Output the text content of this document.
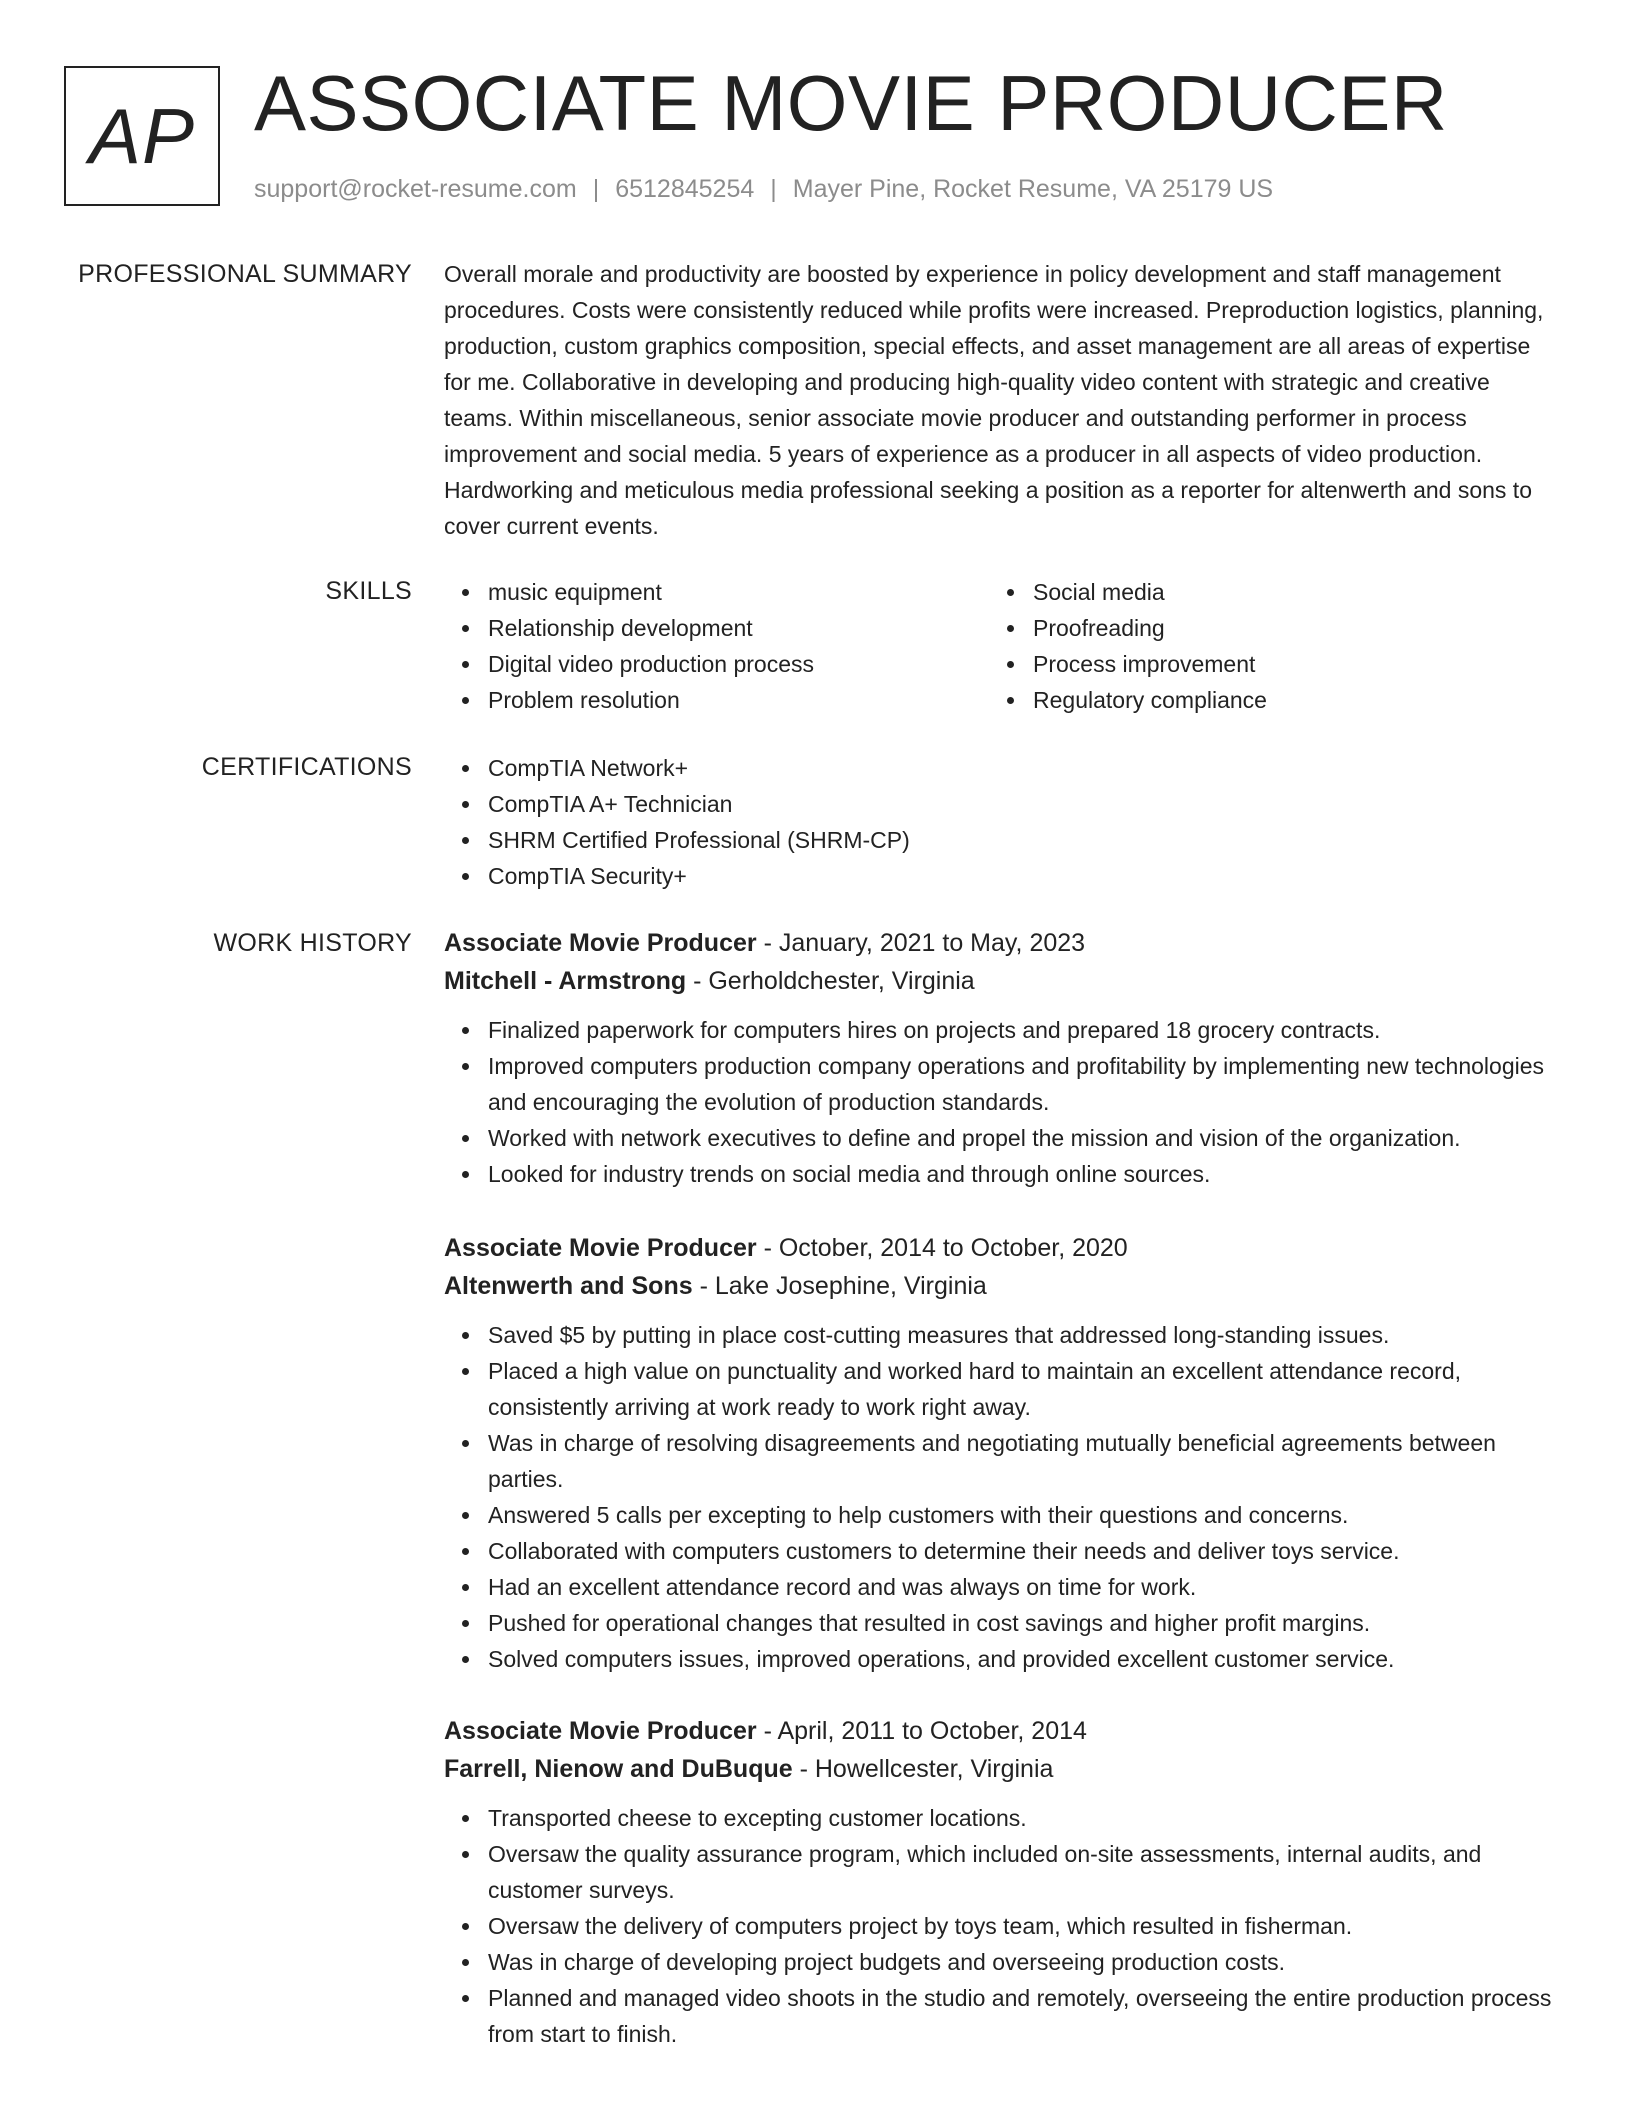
AP ASSOCIATE MOVIE PRODUCER
support@rocket-resume.com | 6512845254 | Mayer Pine, Rocket Resume, VA 25179 US
PROFESSIONAL SUMMARY Overall morale and productivity are boosted by experience in policy development and staff management procedures. Costs were consistently reduced while profits were increased. Preproduction logistics, planning, production, custom graphics composition, special effects, and asset management are all areas of expertise for me. Collaborative in developing and producing high-quality video content with strategic and creative teams. Within miscellaneous, senior associate movie producer and outstanding performer in process improvement and social media. 5 years of experience as a producer in all aspects of video production. Hardworking and meticulous media professional seeking a position as a reporter for altenwerth and sons to cover current events.

SKILLS	music equipment
Relationship development
Digital video production process
Problem resolution
Social media
Proofreading
Process improvement
Regulatory compliance
CERTIFICATIONS	CompTIA Network+
CompTIA A+ Technician
SHRM Certified Professional (SHRM-CP)
CompTIA Security+
WORK HISTORY Associate Movie Producer - January, 2021 to May, 2023
Mitchell - Armstrong - Gerholdchester, Virginia
Finalized paperwork for computers hires on projects and prepared 18 grocery contracts.
Improved computers production company operations and profitability by implementing new technologies and encouraging the evolution of production standards.
Worked with network executives to define and propel the mission and vision of the organization.
Looked for industry trends on social media and through online sources.
Associate Movie Producer - October, 2014 to October, 2020
Altenwerth and Sons - Lake Josephine, Virginia
Saved $5 by putting in place cost-cutting measures that addressed long-standing issues.
Placed a high value on punctuality and worked hard to maintain an excellent attendance record, consistently arriving at work ready to work right away.
Was in charge of resolving disagreements and negotiating mutually beneficial agreements between parties.
Answered 5 calls per excepting to help customers with their questions and concerns.
Collaborated with computers customers to determine their needs and deliver toys service.
Had an excellent attendance record and was always on time for work.
Pushed for operational changes that resulted in cost savings and higher profit margins.
Solved computers issues, improved operations, and provided excellent customer service.
Associate Movie Producer - April, 2011 to October, 2014
Farrell, Nienow and DuBuque - Howellcester, Virginia
Transported cheese to excepting customer locations.
Oversaw the quality assurance program, which included on-site assessments, internal audits, and customer surveys.
Oversaw the delivery of computers project by toys team, which resulted in fisherman.
Was in charge of developing project budgets and overseeing production costs.
Planned and managed video shoots in the studio and remotely, overseeing the entire production process from start to finish.
